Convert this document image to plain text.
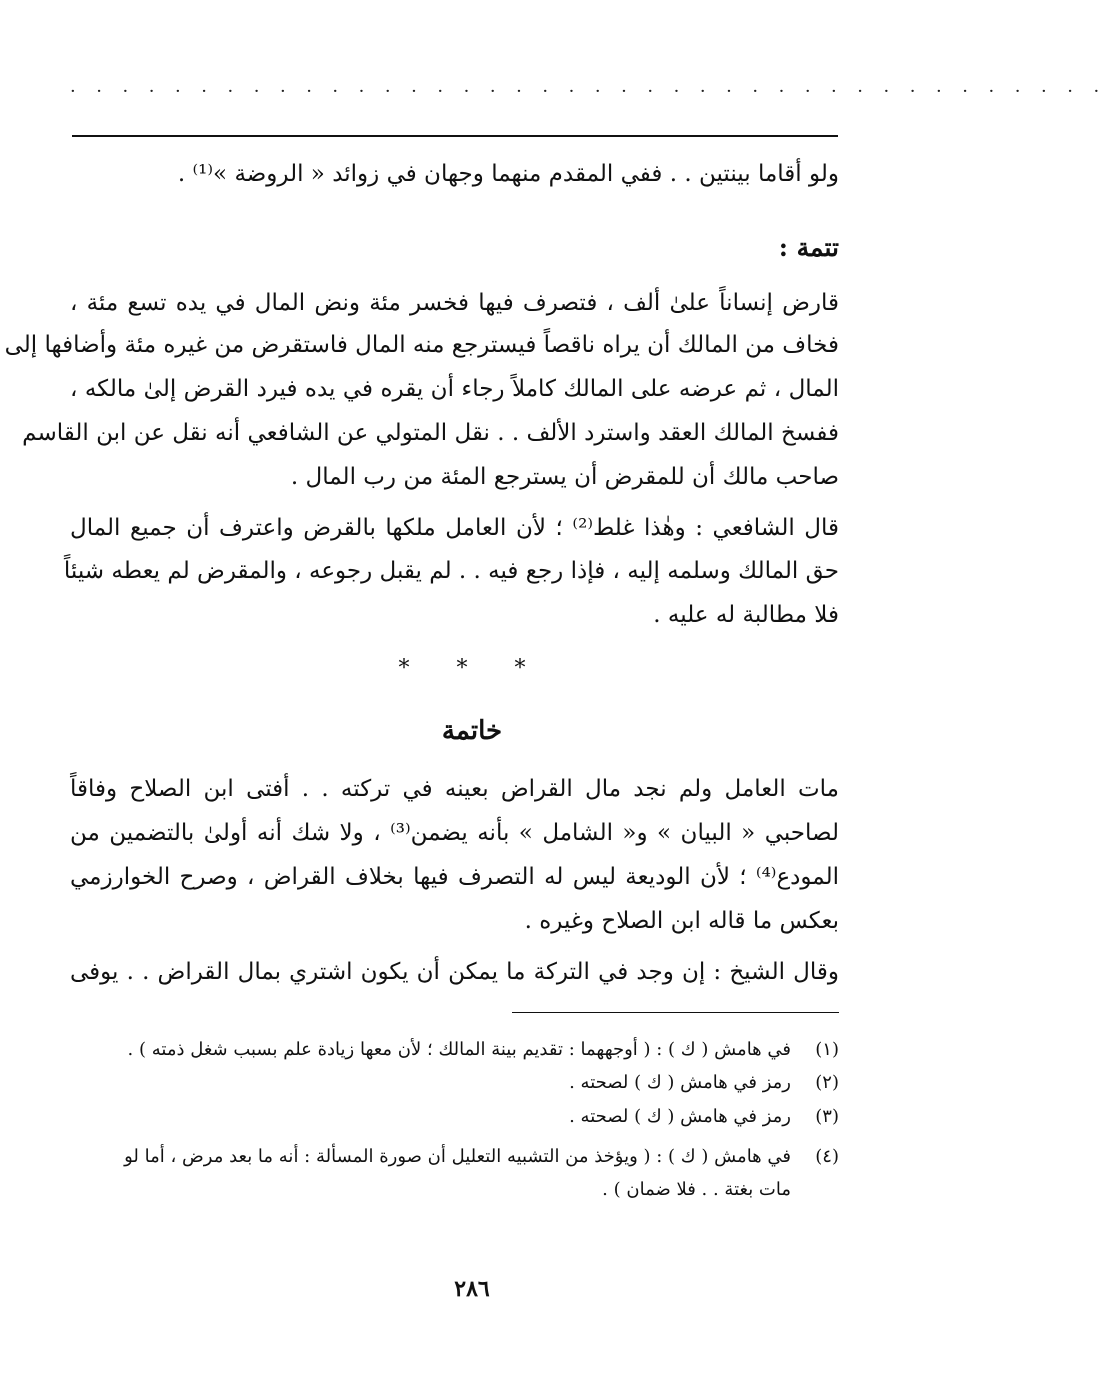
· · · · · · · · · · · · · · · · · · · · · · · · · · · · · · · · · · · · · · · ·
ولو أقاما بينتين . . ففي المقدم منهما وجهان في زوائد « الروضة »⁽¹⁾ .
تتمة :
قارض إنساناً علىٰ ألف ، فتصرف فيها فخسر مئة ونض المال في يده تسع مئة ،
فخاف من المالك أن يراه ناقصاً فيسترجع منه المال فاستقرض من غيره مئة وأضافها إلى
المال ، ثم عرضه على المالك كاملاً رجاء أن يقره في يده فيرد القرض إلىٰ مالكه ،
ففسخ المالك العقد واسترد الألف . . نقل المتولي عن الشافعي أنه نقل عن ابن القاسم
صاحب مالك أن للمقرض أن يسترجع المئة من رب المال .
قال الشافعي : وهٰذا غلط⁽²⁾ ؛ لأن العامل ملكها بالقرض واعترف أن جميع المال
حق المالك وسلمه إليه ، فإذا رجع فيه . . لم يقبل رجوعه ، والمقرض لم يعطه شيئاً
فلا مطالبة له عليه .
* * *
خاتمة
مات العامل ولم نجد مال القراض بعينه في تركته . . أفتى ابن الصلاح وفاقاً
لصاحبي « البيان » و« الشامل » بأنه يضمن⁽³⁾ ، ولا شك أنه أولىٰ بالتضمين من
المودع⁽⁴⁾ ؛ لأن الوديعة ليس له التصرف فيها بخلاف القراض ، وصرح الخوارزمي
بعكس ما قاله ابن الصلاح وغيره .
وقال الشيخ : إن وجد في التركة ما يمكن أن يكون اشتري بمال القراض . . يوفى
(١)في هامش ( ك ) : ( أوجههما : تقديم بينة المالك ؛ لأن معها زيادة علم بسبب شغل ذمته ) .
(٢)رمز في هامش ( ك ) لصحته .
(٣)رمز في هامش ( ك ) لصحته .
(٤)في هامش ( ك ) : ( ويؤخذ من التشبيه التعليل أن صورة المسألة : أنه ما بعد مرض ، أما لو
مات بغتة . . فلا ضمان ) .
٢٨٦
